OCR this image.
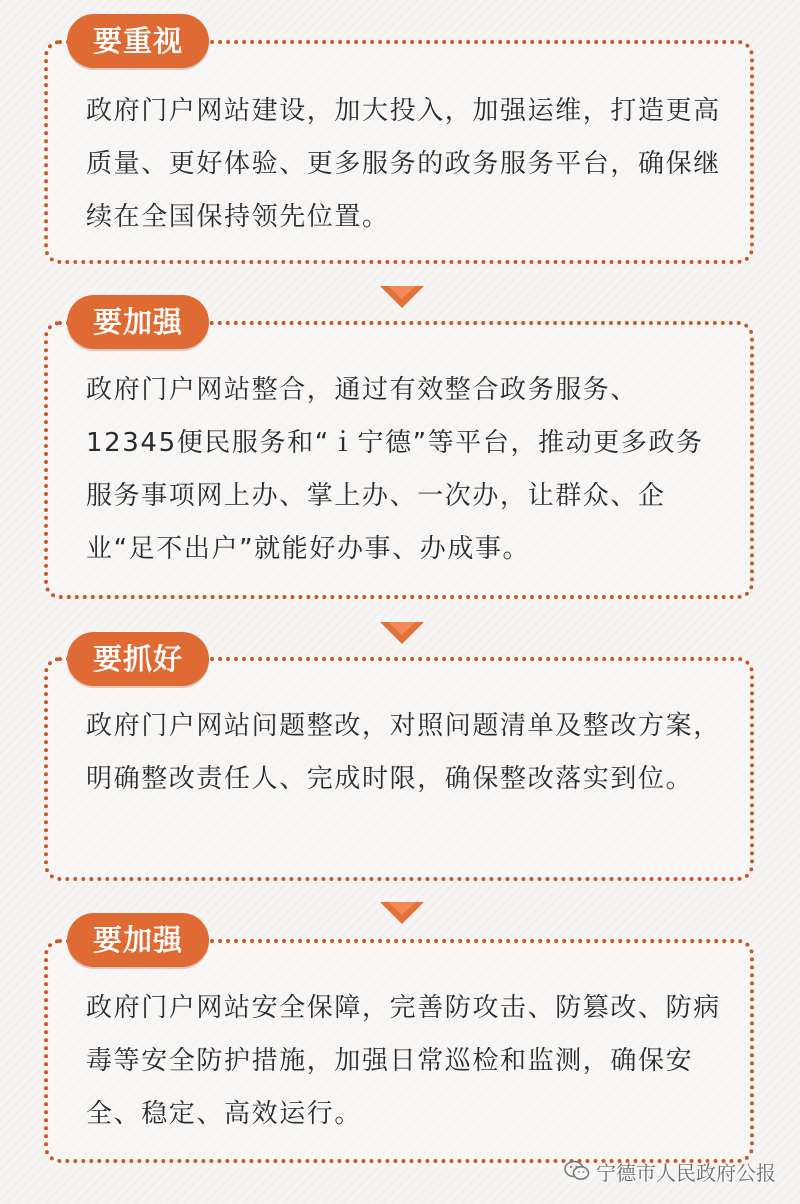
要重视

政府门户网站建设，加大投入，加强运维，打造更高质量、更好体验、更多服务的政务服务平台，确保继续在全国保持领先位置。

要加强

政府门户网站整合，通过有效整合政务服务、12345便民服务和“ｉ宁德”等平台，推动更多政务服务事项网上办、掌上办、一次办，让群众、企业“足不出户”就能好办事、办成事。

要抓好

政府门户网站问题整改，对照问题清单及整改方案，明确整改责任人、完成时限，确保整改落实到位。

要加强

政府门户网站安全保障，完善防攻击、防篡改、防病毒等安全防护措施，加强日常巡检和监测，确保安全、稳定、高效运行。

宁德市人民政府公报
